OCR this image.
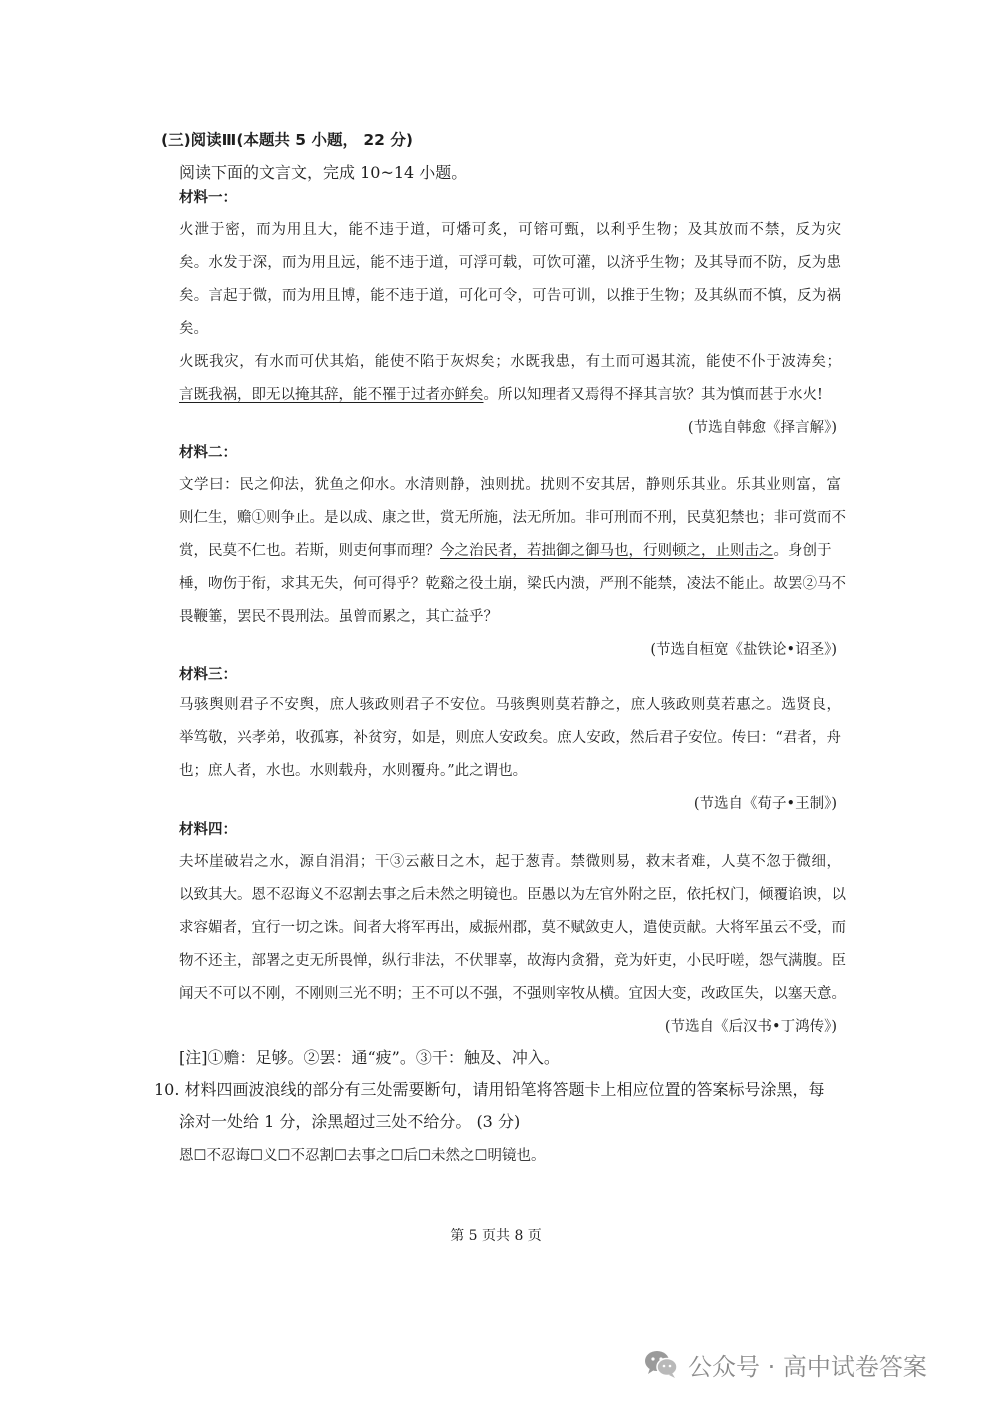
(三)阅读Ⅲ(本题共 5 小题， 22 分)
阅读下面的文言文，完成 10~14 小题。
材料一：
火泄于密，而为用且大，能不违于道，可燔可炙，可镕可甄，以利乎生物；及其放而不禁，反为灾
矣。水发于深，而为用且远，能不违于道，可浮可载，可饮可灌，以济乎生物；及其导而不防，反为患
矣。言起于微，而为用且博，能不违于道，可化可令，可告可训，以推于生物；及其纵而不慎，反为祸
矣。
火既我灾，有水而可伏其焰，能使不陷于灰烬矣；水既我患，有土而可遏其流，能使不仆于波涛矣；
言既我祸，即无以掩其辞，能不罹于过者亦鲜矣。所以知理者又焉得不择其言欤？其为慎而甚于水火!
(节选自韩愈《择言解》)
材料二：
文学曰：民之仰法，犹鱼之仰水。水清则静，浊则扰。扰则不安其居，静则乐其业。乐其业则富，富
则仁生，赡①则争止。是以成、康之世，赏无所施，法无所加。非可刑而不刑，民莫犯禁也；非可赏而不
赏，民莫不仁也。若斯，则吏何事而理？今之治民者，若拙御之御马也，行则顿之，止则击之。身创于
棰，吻伤于衔，求其无失，何可得乎？乾谿之役土崩，梁氏内溃，严刑不能禁，凌法不能止。故罢②马不
畏鞭箠，罢民不畏刑法。虽曾而累之，其亡益乎？
(节选自桓宽《盐铁论•诏圣》)
材料三：
马骇舆则君子不安舆，庶人骇政则君子不安位。马骇舆则莫若静之，庶人骇政则莫若惠之。选贤良，
举笃敬，兴孝弟，收孤寡，补贫穷，如是，则庶人安政矣。庶人安政，然后君子安位。传曰：“君者，舟
也；庶人者，水也。水则载舟，水则覆舟。”此之谓也。
(节选自《荀子•王制》)
材料四：
夫坏崖破岩之水，源自涓涓；干③云蔽日之木，起于葱青。禁微则易，救末者难，人莫不忽于微细，
以致其大。恩不忍诲义不忍割去事之后未然之明镜也。臣愚以为左官外附之臣，依托权门，倾覆谄谀，以
求容媚者，宜行一切之诛。间者大将军再出，威振州郡，莫不赋敛吏人，遣使贡献。大将军虽云不受，而
物不还主，部署之吏无所畏惮，纵行非法，不伏罪辜，故海内贪猾，竞为奸吏，小民吁嗟，怨气满腹。臣
闻天不可以不刚，不刚则三光不明；王不可以不强，不强则宰牧从横。宜因大变，改政匡失，以塞天意。
(节选自《后汉书•丁鸿传》)
[注]①赡：足够。②罢：通“疲”。③干：触及、冲入。
10. 材料四画波浪线的部分有三处需要断句，请用铅笔将答题卡上相应位置的答案标号涂黑，每
涂对一处给 1 分，涂黑超过三处不给分。 (3 分)
恩☐不忍诲☐义☐不忍割☐去事之☐后☐未然之☐明镜也。
第 5 页共 8 页
公众号 · 高中试卷答案
